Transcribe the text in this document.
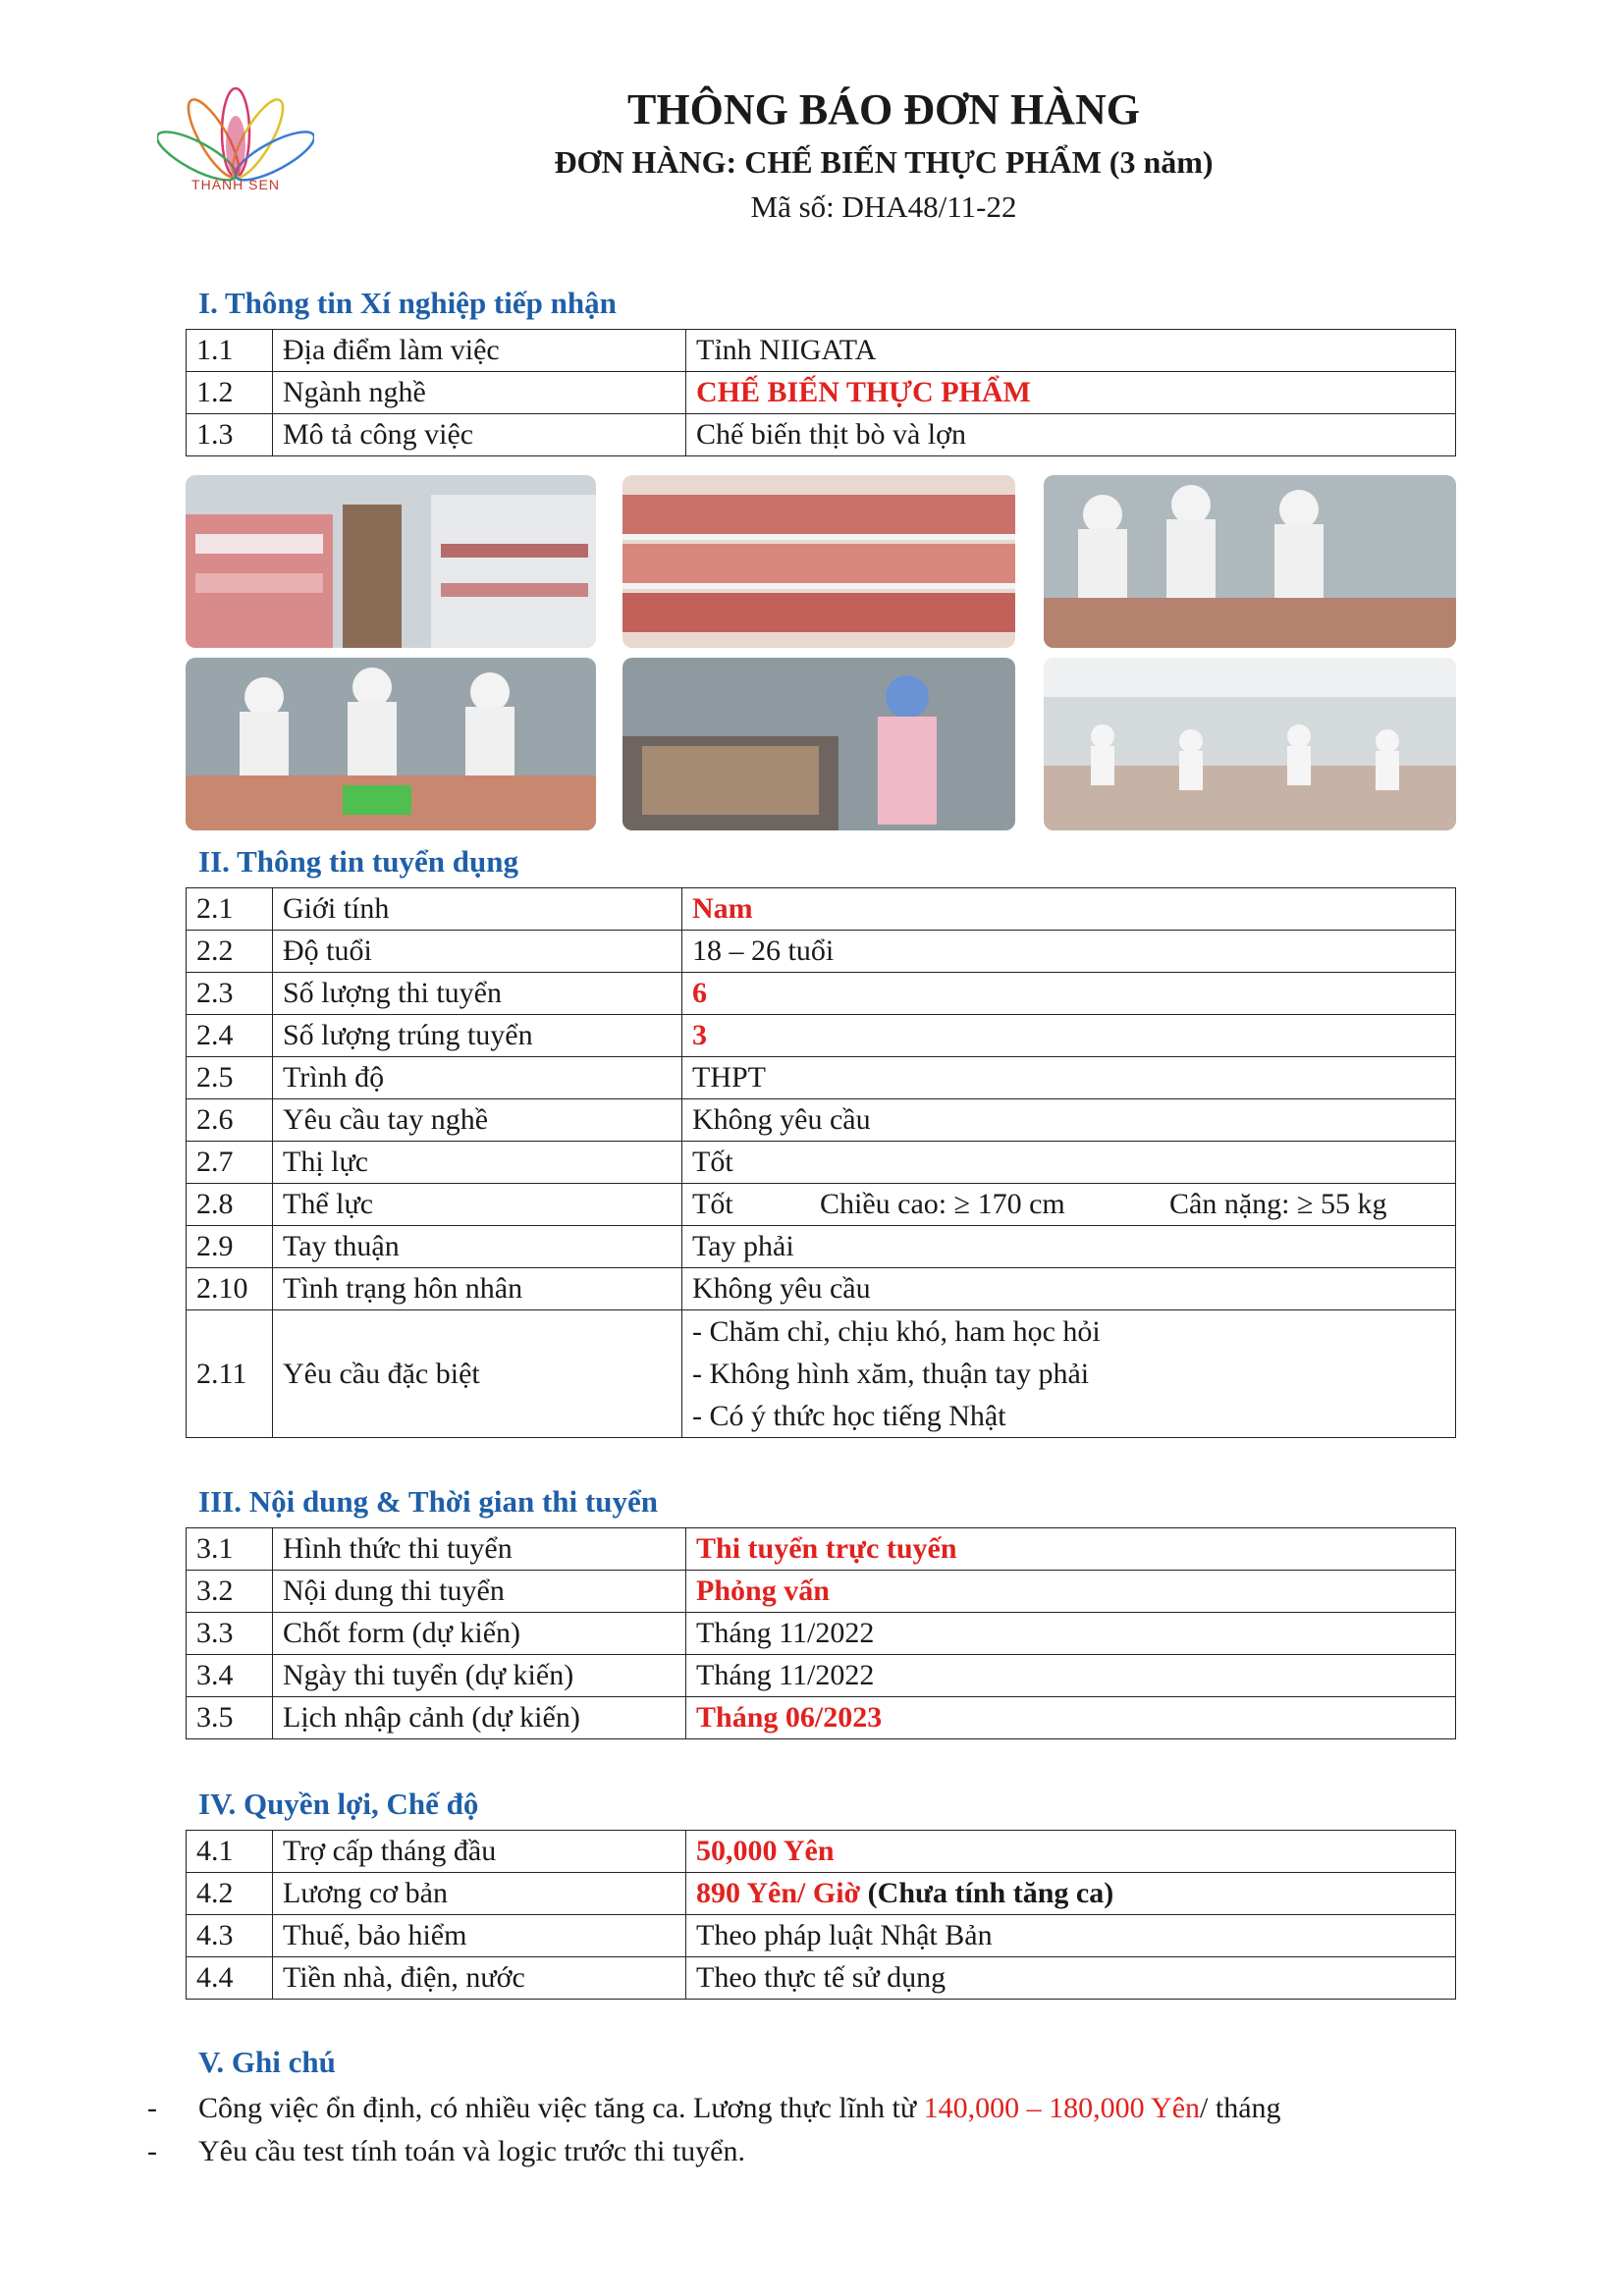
THÀNH SEN
THÔNG BÁO ĐƠN HÀNG
ĐƠN HÀNG: CHẾ BIẾN THỰC PHẨM (3 năm)
Mã số: DHA48/11-22
I. Thông tin Xí nghiệp tiếp nhận
1.1	Địa điểm làm việc	Tỉnh NIIGATA
1.2	Ngành nghề	CHẾ BIẾN THỰC PHẨM
1.3	Mô tả công việc	Chế biến thịt bò và lợn
II. Thông tin tuyển dụng
2.1	Giới tính	Nam
2.2	Độ tuổi	18 – 26 tuổi
2.3	Số lượng thi tuyển	6
2.4	Số lượng trúng tuyển	3
2.5	Trình độ	THPT
2.6	Yêu cầu tay nghề	Không yêu cầu
2.7	Thị lực	Tốt
2.8	Thể lực	Tốt Chiều cao: ≥ 170 cm Cân nặng: ≥ 55 kg
2.9	Tay thuận	Tay phải
2.10	Tình trạng hôn nhân	Không yêu cầu
2.11	Yêu cầu đặc biệt	- Chăm chỉ, chịu khó, ham học hỏi
- Không hình xăm, thuận tay phải
- Có ý thức học tiếng Nhật
III. Nội dung & Thời gian thi tuyển
3.1	Hình thức thi tuyển	Thi tuyển trực tuyến
3.2	Nội dung thi tuyển	Phỏng vấn
3.3	Chốt form (dự kiến)	Tháng 11/2022
3.4	Ngày thi tuyển (dự kiến)	Tháng 11/2022
3.5	Lịch nhập cảnh (dự kiến)	Tháng 06/2023
IV. Quyền lợi, Chế độ
4.1	Trợ cấp tháng đầu	50,000 Yên
4.2	Lương cơ bản	890 Yên/ Giờ (Chưa tính tăng ca)
4.3	Thuế, bảo hiểm	Theo pháp luật Nhật Bản
4.4	Tiền nhà, điện, nước	Theo thực tế sử dụng
V. Ghi chú
- Công việc ổn định, có nhiều việc tăng ca. Lương thực lĩnh từ 140,000 – 180,000 Yên/ tháng
- Yêu cầu test tính toán và logic trước thi tuyển.
